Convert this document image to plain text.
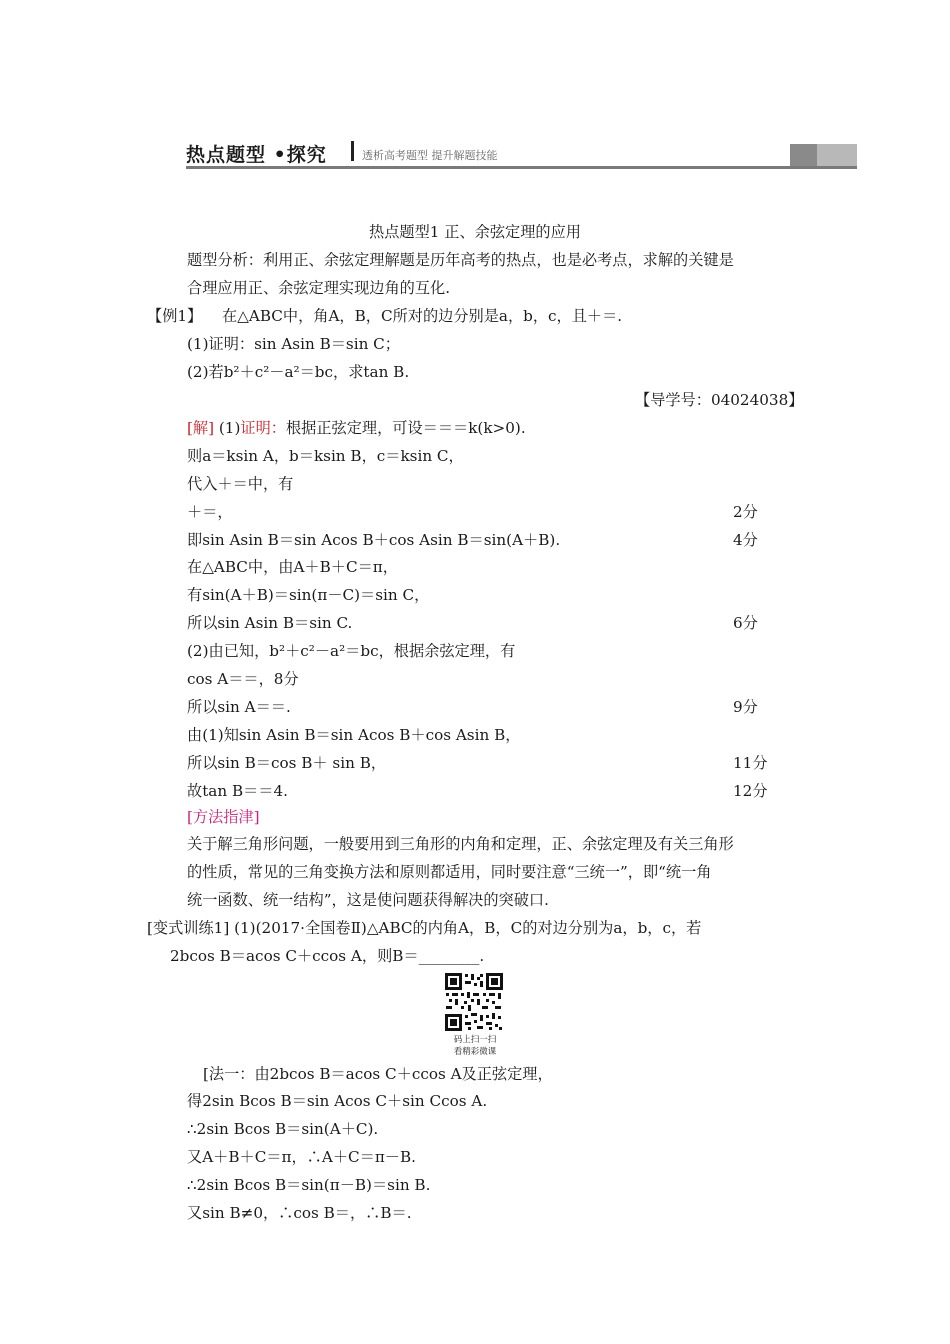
热点题型 •探究	透析高考题型 提升解题技能
热点题型1 正、余弦定理的应用
题型分析：利用正、余弦定理解题是历年高考的热点，也是必考点，求解的关键是
合理应用正、余弦定理实现边角的互化.
【例1】 在△ABC中，角A，B，C所对的边分别是a，b，c，且＋＝.
(1)证明：sin Asin B＝sin C；
(2)若b²＋c²－a²＝bc，求tan B.
【导学号：04024038】
[解] (1)证明：根据正弦定理，可设＝＝＝k(k>0).
则a＝ksin A，b＝ksin B，c＝ksin C，
代入＋＝中，有
＋＝，	2分
即sin Asin B＝sin Acos B＋cos Asin B＝sin(A＋B).	4分
在△ABC中，由A＋B＋C＝π，
有sin(A＋B)＝sin(π－C)＝sin C，
所以sin Asin B＝sin C.	6分
(2)由已知，b²＋c²－a²＝bc，根据余弦定理，有
cos A＝＝，8分
所以sin A＝＝.	9分
由(1)知sin Asin B＝sin Acos B＋cos Asin B，
所以sin B＝cos B＋ sin B，	11分
故tan B＝＝4.	12分
[方法指津]
关于解三角形问题，一般要用到三角形的内角和定理，正、余弦定理及有关三角形
的性质，常见的三角变换方法和原则都适用，同时要注意“三统一”，即“统一角
统一函数、统一结构”，这是使问题获得解决的突破口.
[变式训练1] (1)(2017·全国卷Ⅱ)△ABC的内角A，B，C的对边分别为a，b，c，若
2bcos B＝acos C＋ccos A，则B＝________.
码上扫一扫
看精彩微课
[法一：由2bcos B＝acos C＋ccos A及正弦定理，
得2sin Bcos B＝sin Acos C＋sin Ccos A.
∴2sin Bcos B＝sin(A＋C).
又A＋B＋C＝π，∴A＋C＝π－B.
∴2sin Bcos B＝sin(π－B)＝sin B.
又sin B≠0，∴cos B＝，∴B＝.
